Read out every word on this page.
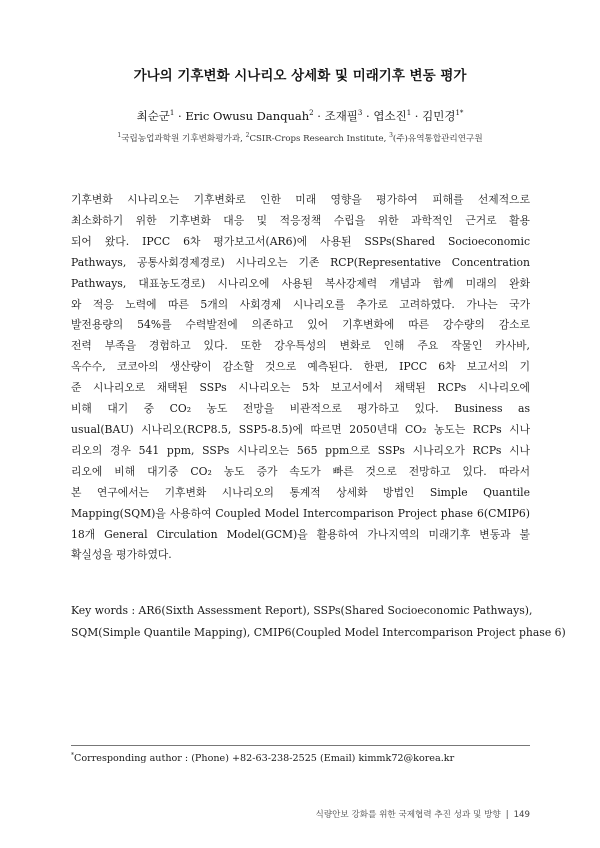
가나의 기후변화 시나리오 상세화 및 미래기후 변동 평가
최순군$^1$ · Eric Owusu Danquah$^2$ · 조재필$^3$ · 엽소진$^1$ · 김민경$^{1*}$
$^1$국립농업과학원 기후변화평가과, $^2$CSIR-Crops Research Institute, $^3$(주)유역통합관리연구원
기후변화 시나리오는 기후변화로 인한 미래 영향을 평가하여 피해를 선제적으로
최소화하기 위한 기후변화 대응 및 적응정책 수립을 위한 과학적인 근거로 활용
되어 왔다. IPCC 6차 평가보고서(AR6)에 사용된 SSPs(Shared Socioeconomic
Pathways, 공통사회경제경로) 시나리오는 기존 RCP(Representative Concentration
Pathways, 대표농도경로) 시나리오에 사용된 복사강제력 개념과 함께 미래의 완화
와 적응 노력에 따른 5개의 사회경제 시나리오를 추가로 고려하였다. 가나는 국가
발전용량의 54%를 수력발전에 의존하고 있어 기후변화에 따른 강수량의 감소로
전력 부족을 경험하고 있다. 또한 강우특성의 변화로 인해 주요 작물인 카사바,
옥수수, 코코아의 생산량이 감소할 것으로 예측된다. 한편, IPCC 6차 보고서의 기
준 시나리오로 채택된 SSPs 시나리오는 5차 보고서에서 채택된 RCPs 시나리오에
비해 대기 중 CO₂ 농도 전망을 비관적으로 평가하고 있다. Business as
usual(BAU) 시나리오(RCP8.5, SSP5-8.5)에 따르면 2050년대 CO₂ 농도는 RCPs 시나
리오의 경우 541 ppm, SSPs 시나리오는 565 ppm으로 SSPs 시나리오가 RCPs 시나
리오에 비해 대기중 CO₂ 농도 증가 속도가 빠른 것으로 전망하고 있다. 따라서
본 연구에서는 기후변화 시나리오의 통계적 상세화 방법인 Simple Quantile
Mapping(SQM)을 사용하여 Coupled Model Intercomparison Project phase 6(CMIP6)
18개 General Circulation Model(GCM)을 활용하여 가나지역의 미래기후 변동과 불
확실성을 평가하였다.
Key words : AR6(Sixth Assessment Report), SSPs(Shared Socioeconomic Pathways),
SQM(Simple Quantile Mapping), CMIP6(Coupled Model Intercomparison Project phase 6)
*Corresponding author : (Phone) +82-63-238-2525 (Email) kimmk72@korea.kr
식량안보 강화를 위한 국제협력 추진 성과 및 방향 | 149
